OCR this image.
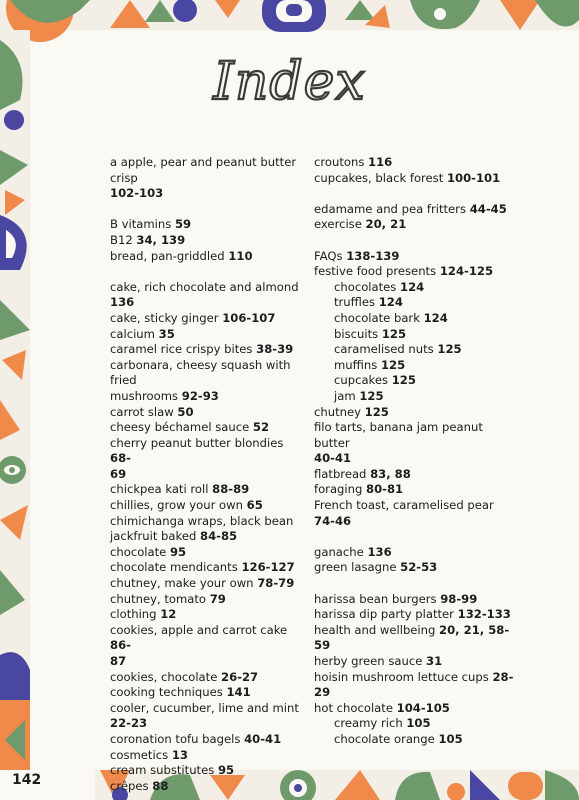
Index

a apple, pear and peanut butter crisp

102-103

B vitamins 59

B12 34, 139

bread, pan-griddled 110

cake, rich chocolate and almond 136

cake, sticky ginger 106-107

calcium 35

caramel rice crispy bites 38-39

carbonara, cheesy squash with fried

mushrooms 92-93

carrot slaw 50

cheesy béchamel sauce 52

cherry peanut butter blondies 68-

69

chickpea kati roll 88-89

chillies, grow your own 65

chimichanga wraps, black bean

jackfruit baked 84-85

chocolate 95

chocolate mendicants 126-127

chutney, make your own 78-79

chutney, tomato 79

clothing 12

cookies, apple and carrot cake 86-

87

cookies, chocolate 26-27

cooking techniques 141

cooler, cucumber, lime and mint

22-23

coronation tofu bagels 40-41

cosmetics 13

cream substitutes 95

crêpes 88

croutons 116

cupcakes, black forest 100-101

edamame and pea fritters 44-45

exercise 20, 21

FAQs 138-139

festive food presents 124-125

chocolates 124

truffles 124

chocolate bark 124

biscuits 125

caramelised nuts 125

muffins 125

cupcakes 125

jam 125

chutney 125

filo tarts, banana jam peanut butter

40-41

flatbread 83, 88

foraging 80-81

French toast, caramelised pear

74-46

ganache 136

green lasagne 52-53

harissa bean burgers 98-99

harissa dip party platter 132-133

health and wellbeing 20, 21, 58-59

herby green sauce 31

hoisin mushroom lettuce cups 28-

29

hot chocolate 104-105

creamy rich 105

chocolate orange 105

142
